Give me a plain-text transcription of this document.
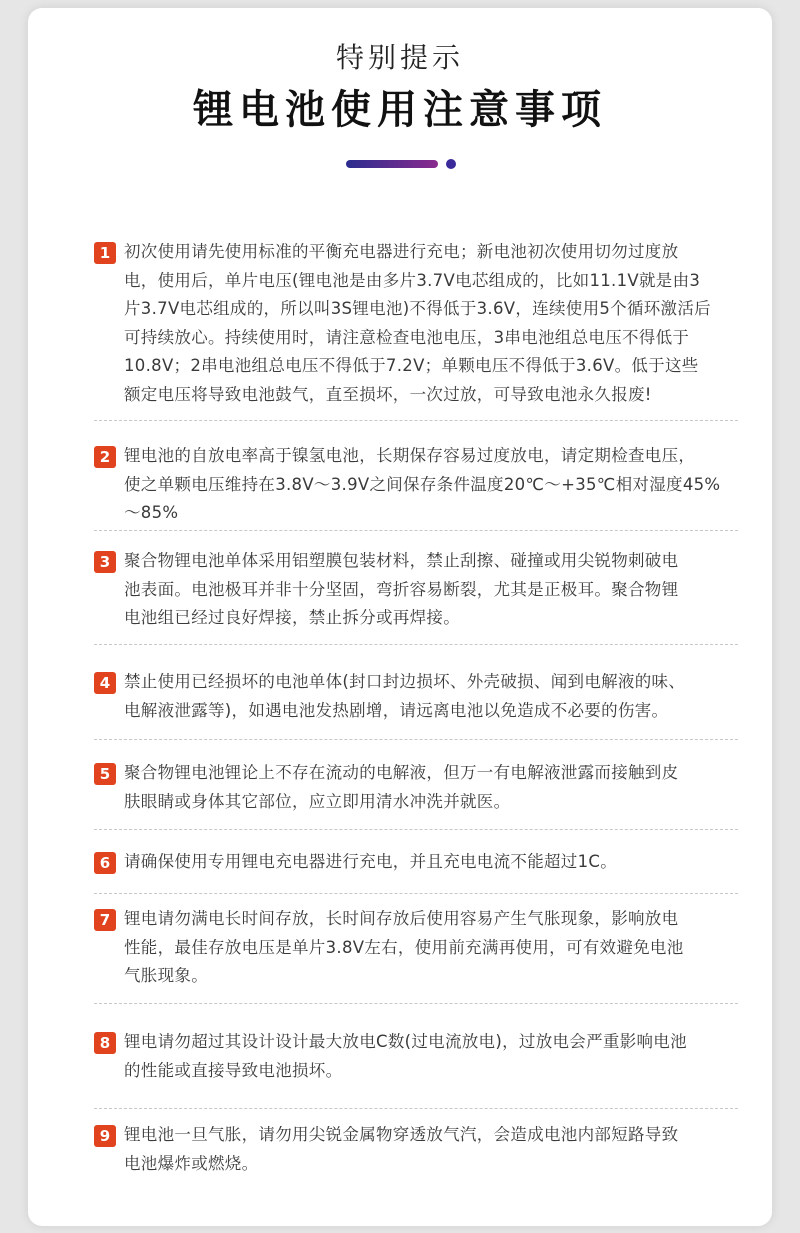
特别提示
锂电池使用注意事项
1 初次使用请先使用标准的平衡充电器进行充电；新电池初次使用切勿过度放
电，使用后，单片电压(锂电池是由多片3.7V电芯组成的，比如11.1V就是由3
片3.7V电芯组成的，所以叫3S锂电池)不得低于3.6V，连续使用5个循环激活后
可持续放心。持续使用时，请注意检查电池电压，3串电池组总电压不得低于
10.8V；2串电池组总电压不得低于7.2V；单颗电压不得低于3.6V。低于这些
额定电压将导致电池鼓气，直至损坏，一次过放，可导致电池永久报废!
2 锂电池的自放电率高于镍氢电池，长期保存容易过度放电，请定期检查电压，
使之单颗电压维持在3.8V～3.9V之间保存条件温度20℃～+35℃相对湿度45%
～85%
3 聚合物锂电池单体采用铝塑膜包装材料，禁止刮擦、碰撞或用尖锐物刺破电
池表面。电池极耳并非十分坚固，弯折容易断裂，尤其是正极耳。聚合物锂
电池组已经过良好焊接，禁止拆分或再焊接。
4 禁止使用已经损坏的电池单体(封口封边损坏、外壳破损、闻到电解液的味、
电解液泄露等)，如遇电池发热剧增，请远离电池以免造成不必要的伤害。
5 聚合物锂电池锂论上不存在流动的电解液，但万一有电解液泄露而接触到皮
肤眼睛或身体其它部位，应立即用清水冲洗并就医。
6 请确保使用专用锂电充电器进行充电，并且充电电流不能超过1C。
7 锂电请勿满电长时间存放，长时间存放后使用容易产生气胀现象，影响放电
性能，最佳存放电压是单片3.8V左右，使用前充满再使用，可有效避免电池
气胀现象。
8 锂电请勿超过其设计设计最大放电C数(过电流放电)，过放电会严重影响电池
的性能或直接导致电池损坏。
9 锂电池一旦气胀，请勿用尖锐金属物穿透放气汽，会造成电池内部短路导致
电池爆炸或燃烧。
